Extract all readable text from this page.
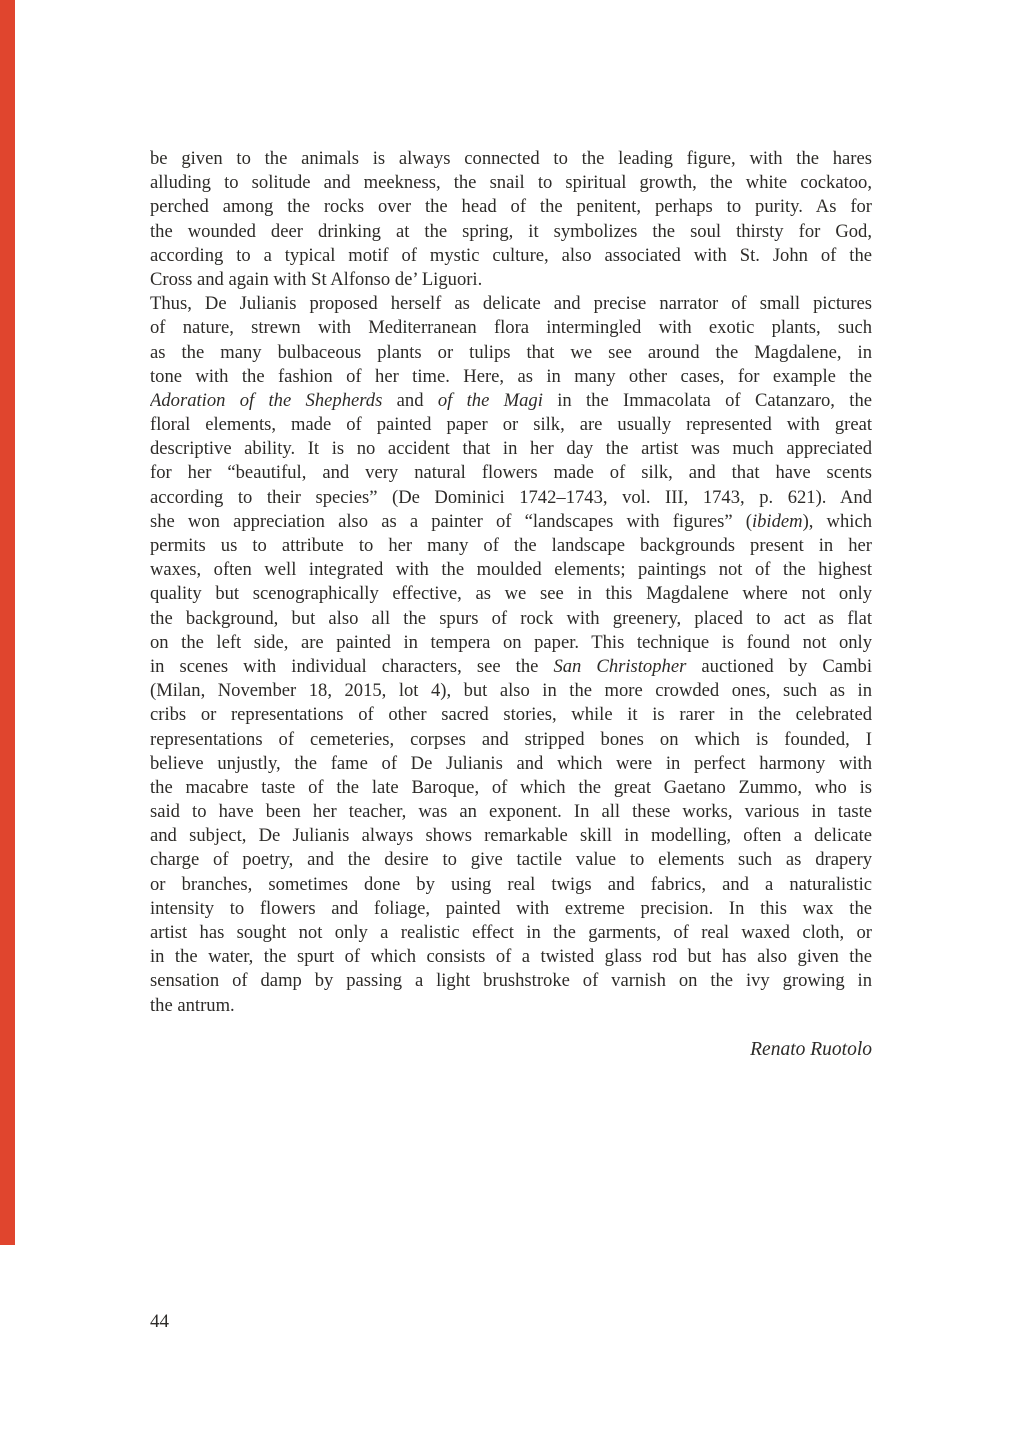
be given to the animals is always connected to the leading figure, with the hares
alluding to solitude and meekness, the snail to spiritual growth, the white cockatoo,
perched among the rocks over the head of the penitent, perhaps to purity. As for
the wounded deer drinking at the spring, it symbolizes the soul thirsty for God,
according to a typical motif of mystic culture, also associated with St. John of the
Cross and again with St Alfonso de’ Liguori.
Thus, De Julianis proposed herself as delicate and precise narrator of small pictures
of nature, strewn with Mediterranean flora intermingled with exotic plants, such
as the many bulbaceous plants or tulips that we see around the Magdalene, in
tone with the fashion of her time. Here, as in many other cases, for example the
Adoration of the Shepherds and of the Magi in the Immacolata of Catanzaro, the
floral elements, made of painted paper or silk, are usually represented with great
descriptive ability. It is no accident that in her day the artist was much appreciated
for her “beautiful, and very natural flowers made of silk, and that have scents
according to their species” (De Dominici 1742–1743, vol. III, 1743, p. 621). And
she won appreciation also as a painter of “landscapes with figures” (ibidem), which
permits us to attribute to her many of the landscape backgrounds present in her
waxes, often well integrated with the moulded elements; paintings not of the highest
quality but scenographically effective, as we see in this Magdalene where not only
the background, but also all the spurs of rock with greenery, placed to act as flat
on the left side, are painted in tempera on paper. This technique is found not only
in scenes with individual characters, see the San Christopher auctioned by Cambi
(Milan, November 18, 2015, lot 4), but also in the more crowded ones, such as in
cribs or representations of other sacred stories, while it is rarer in the celebrated
representations of cemeteries, corpses and stripped bones on which is founded, I
believe unjustly, the fame of De Julianis and which were in perfect harmony with
the macabre taste of the late Baroque, of which the great Gaetano Zummo, who is
said to have been her teacher, was an exponent. In all these works, various in taste
and subject, De Julianis always shows remarkable skill in modelling, often a delicate
charge of poetry, and the desire to give tactile value to elements such as drapery
or branches, sometimes done by using real twigs and fabrics, and a naturalistic
intensity to flowers and foliage, painted with extreme precision. In this wax the
artist has sought not only a realistic effect in the garments, of real waxed cloth, or
in the water, the spurt of which consists of a twisted glass rod but has also given the
sensation of damp by passing a light brushstroke of varnish on the ivy growing in
the antrum.
Renato Ruotolo
44
